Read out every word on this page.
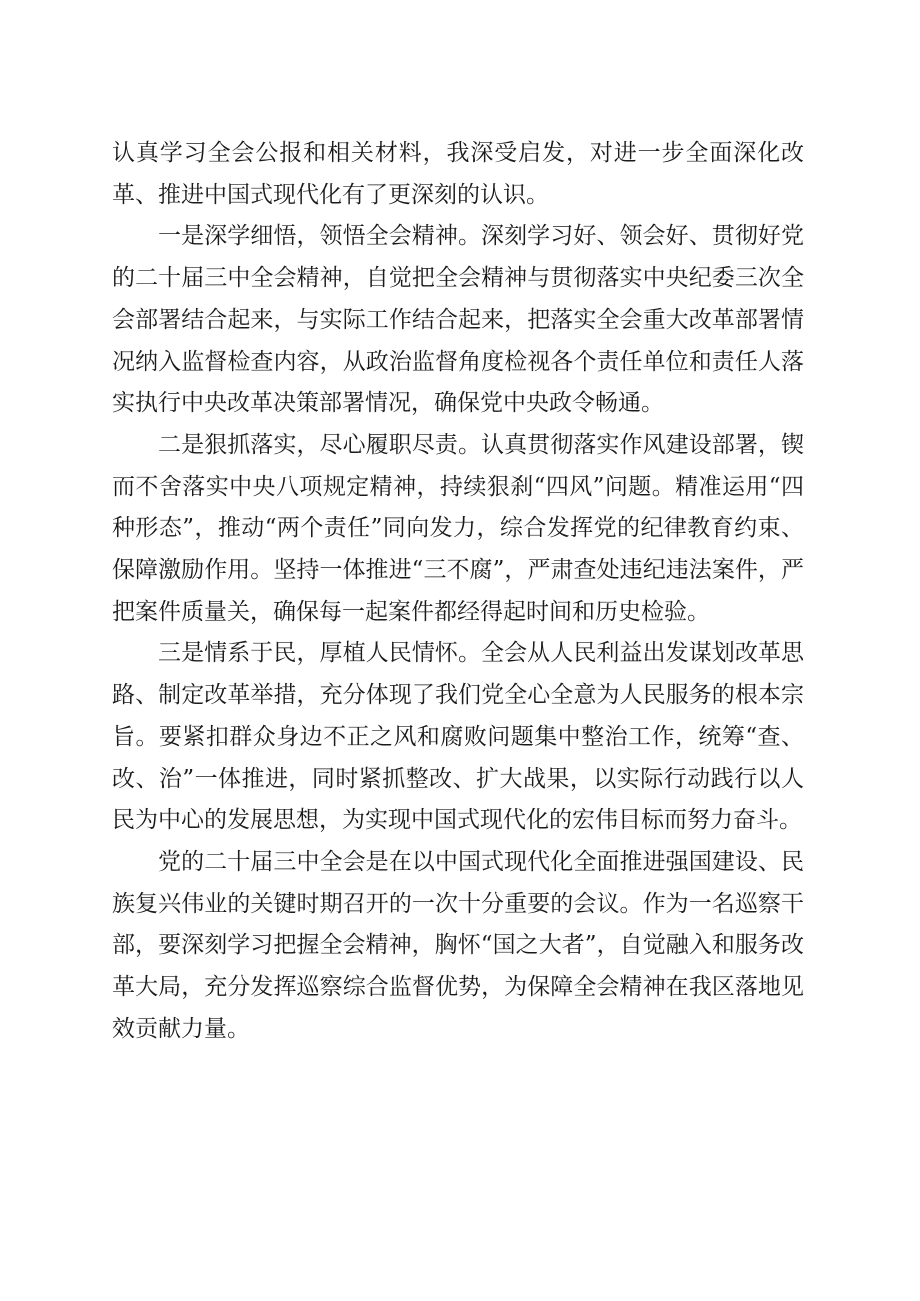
认真学习全会公报和相关材料，我深受启发，对进一步全面深化改革、推进中国式现代化有了更深刻的认识。

一是深学细悟，领悟全会精神。深刻学习好、领会好、贯彻好党的二十届三中全会精神，自觉把全会精神与贯彻落实中央纪委三次全会部署结合起来，与实际工作结合起来，把落实全会重大改革部署情况纳入监督检查内容，从政治监督角度检视各个责任单位和责任人落实执行中央改革决策部署情况，确保党中央政令畅通。

二是狠抓落实，尽心履职尽责。认真贯彻落实作风建设部署，锲而不舍落实中央八项规定精神，持续狠刹“四风”问题。精准运用“四种形态”，推动“两个责任”同向发力，综合发挥党的纪律教育约束、保障激励作用。坚持一体推进“三不腐”，严肃查处违纪违法案件，严把案件质量关，确保每一起案件都经得起时间和历史检验。

三是情系于民，厚植人民情怀。全会从人民利益出发谋划改革思路、制定改革举措，充分体现了我们党全心全意为人民服务的根本宗旨。要紧扣群众身边不正之风和腐败问题集中整治工作，统筹“查、改、治”一体推进，同时紧抓整改、扩大战果，以实际行动践行以人民为中心的发展思想，为实现中国式现代化的宏伟目标而努力奋斗。

党的二十届三中全会是在以中国式现代化全面推进强国建设、民族复兴伟业的关键时期召开的一次十分重要的会议。作为一名巡察干部，要深刻学习把握全会精神，胸怀“国之大者”，自觉融入和服务改革大局，充分发挥巡察综合监督优势，为保障全会精神在我区落地见效贡献力量。
